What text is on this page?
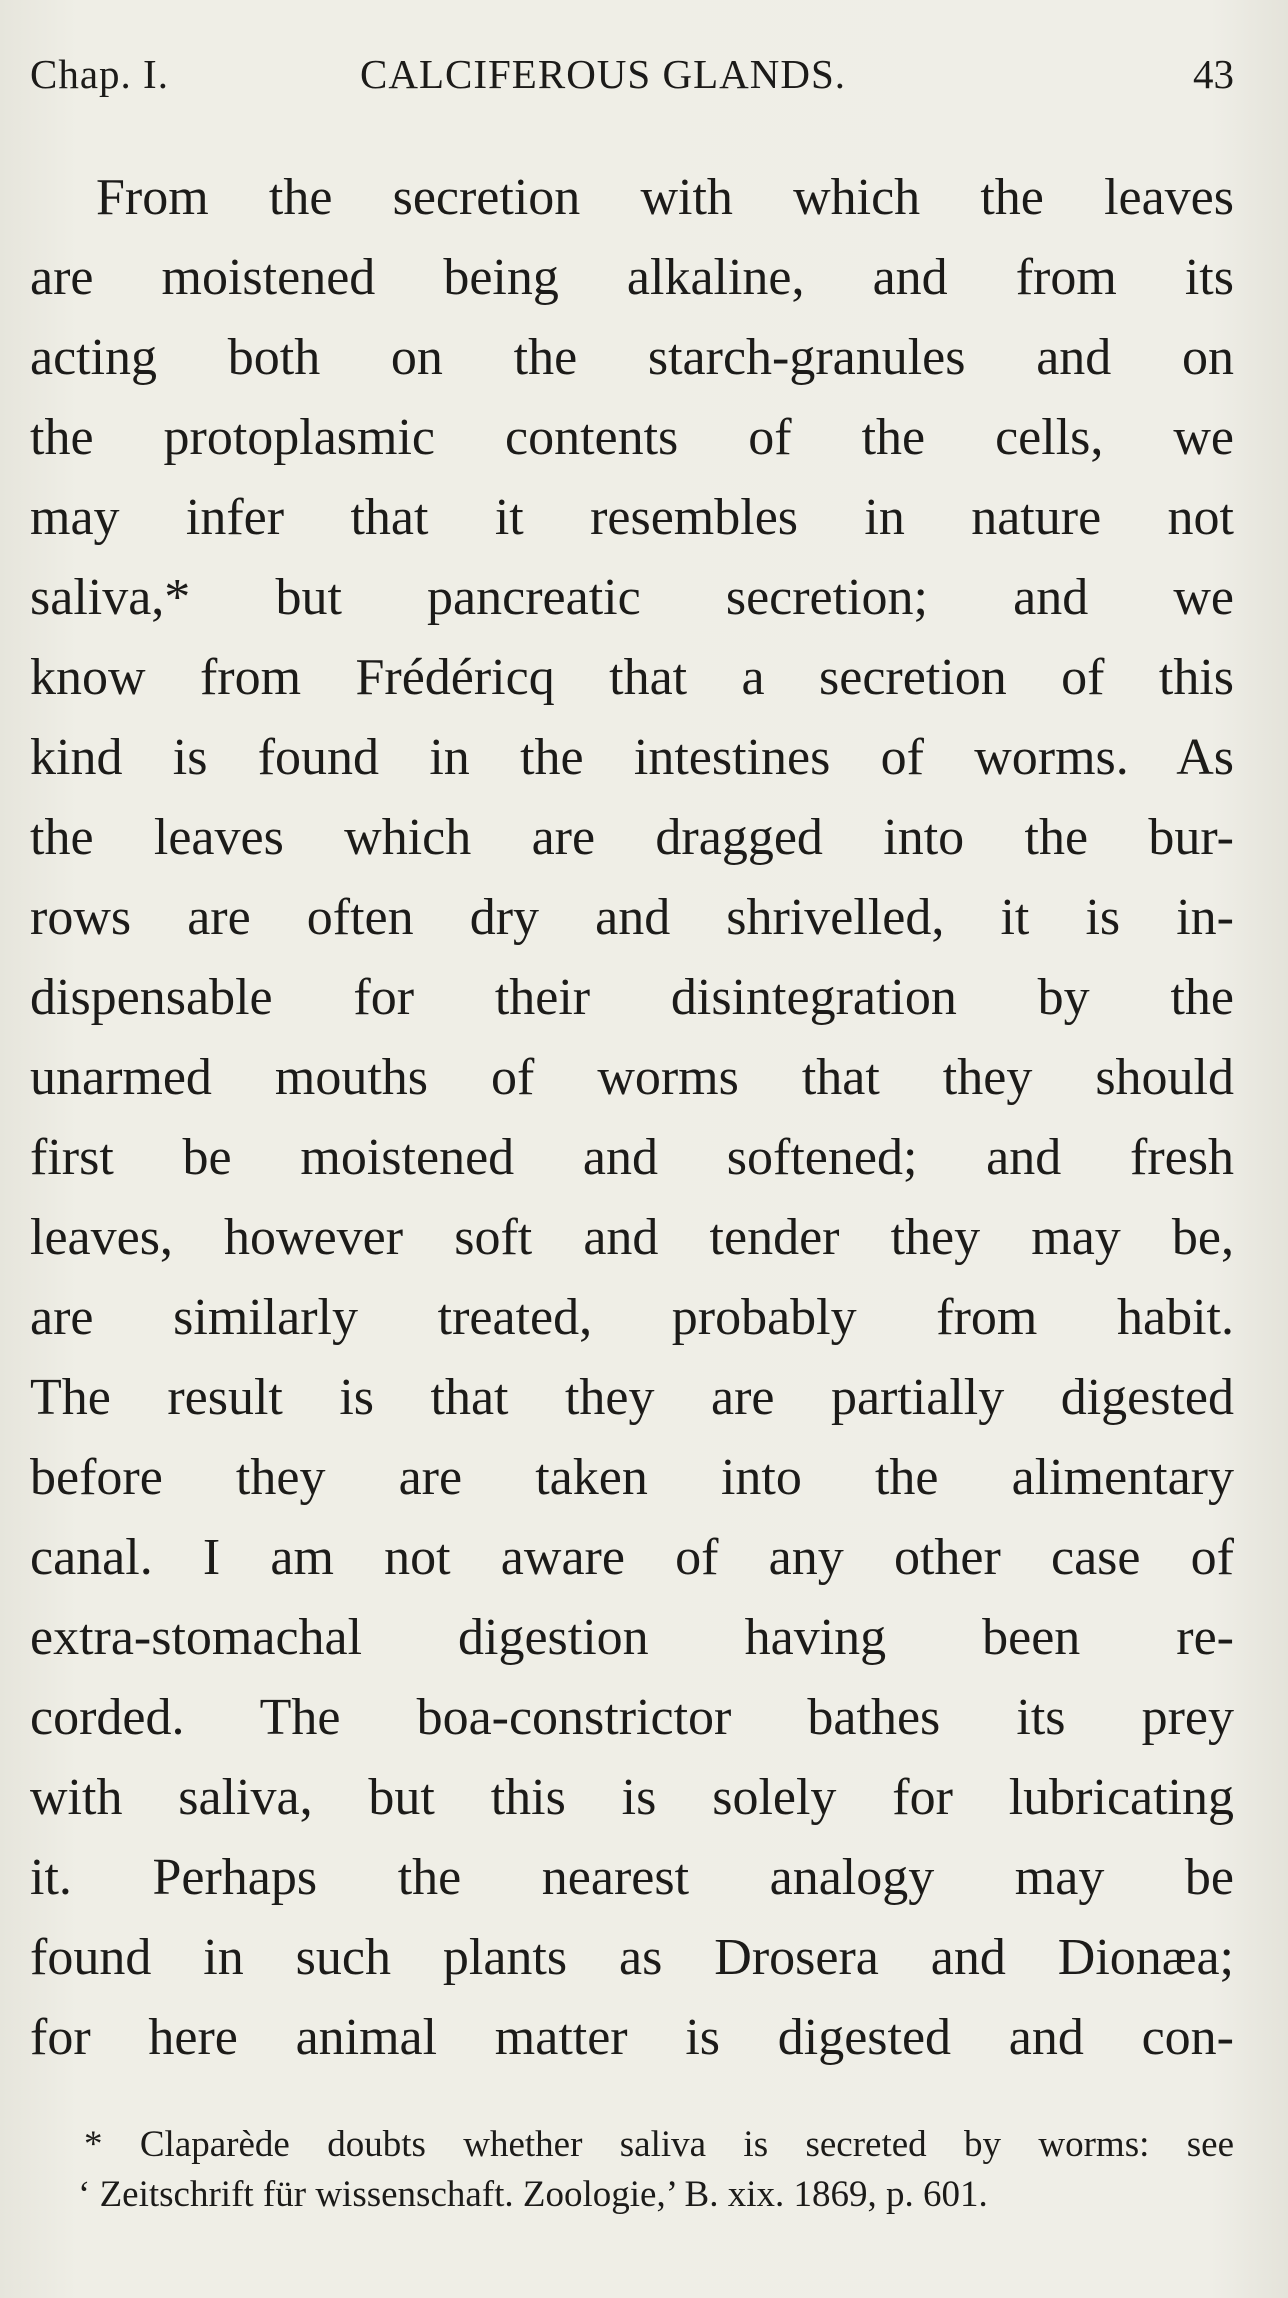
Chap. I.	CALCIFEROUS GLANDS.	43
From the secretion with which the leaves
are moistened being alkaline, and from its
acting both on the starch-granules and on
the protoplasmic contents of the cells, we
may infer that it resembles in nature not
saliva,* but pancreatic secretion; and we
know from Frédéricq that a secretion of this
kind is found in the intestines of worms. As
the leaves which are dragged into the bur-
rows are often dry and shrivelled, it is in-
dispensable for their disintegration by the
unarmed mouths of worms that they should
first be moistened and softened; and fresh
leaves, however soft and tender they may be,
are similarly treated, probably from habit.
The result is that they are partially digested
before they are taken into the alimentary
canal. I am not aware of any other case of
extra-stomachal digestion having been re-
corded. The boa-constrictor bathes its prey
with saliva, but this is solely for lubricating
it. Perhaps the nearest analogy may be
found in such plants as Drosera and Dionæa;
for here animal matter is digested and con-
* Claparède doubts whether saliva is secreted by worms: see
‘ Zeitschrift für wissenschaft. Zoologie,’ B. xix. 1869, p. 601.
